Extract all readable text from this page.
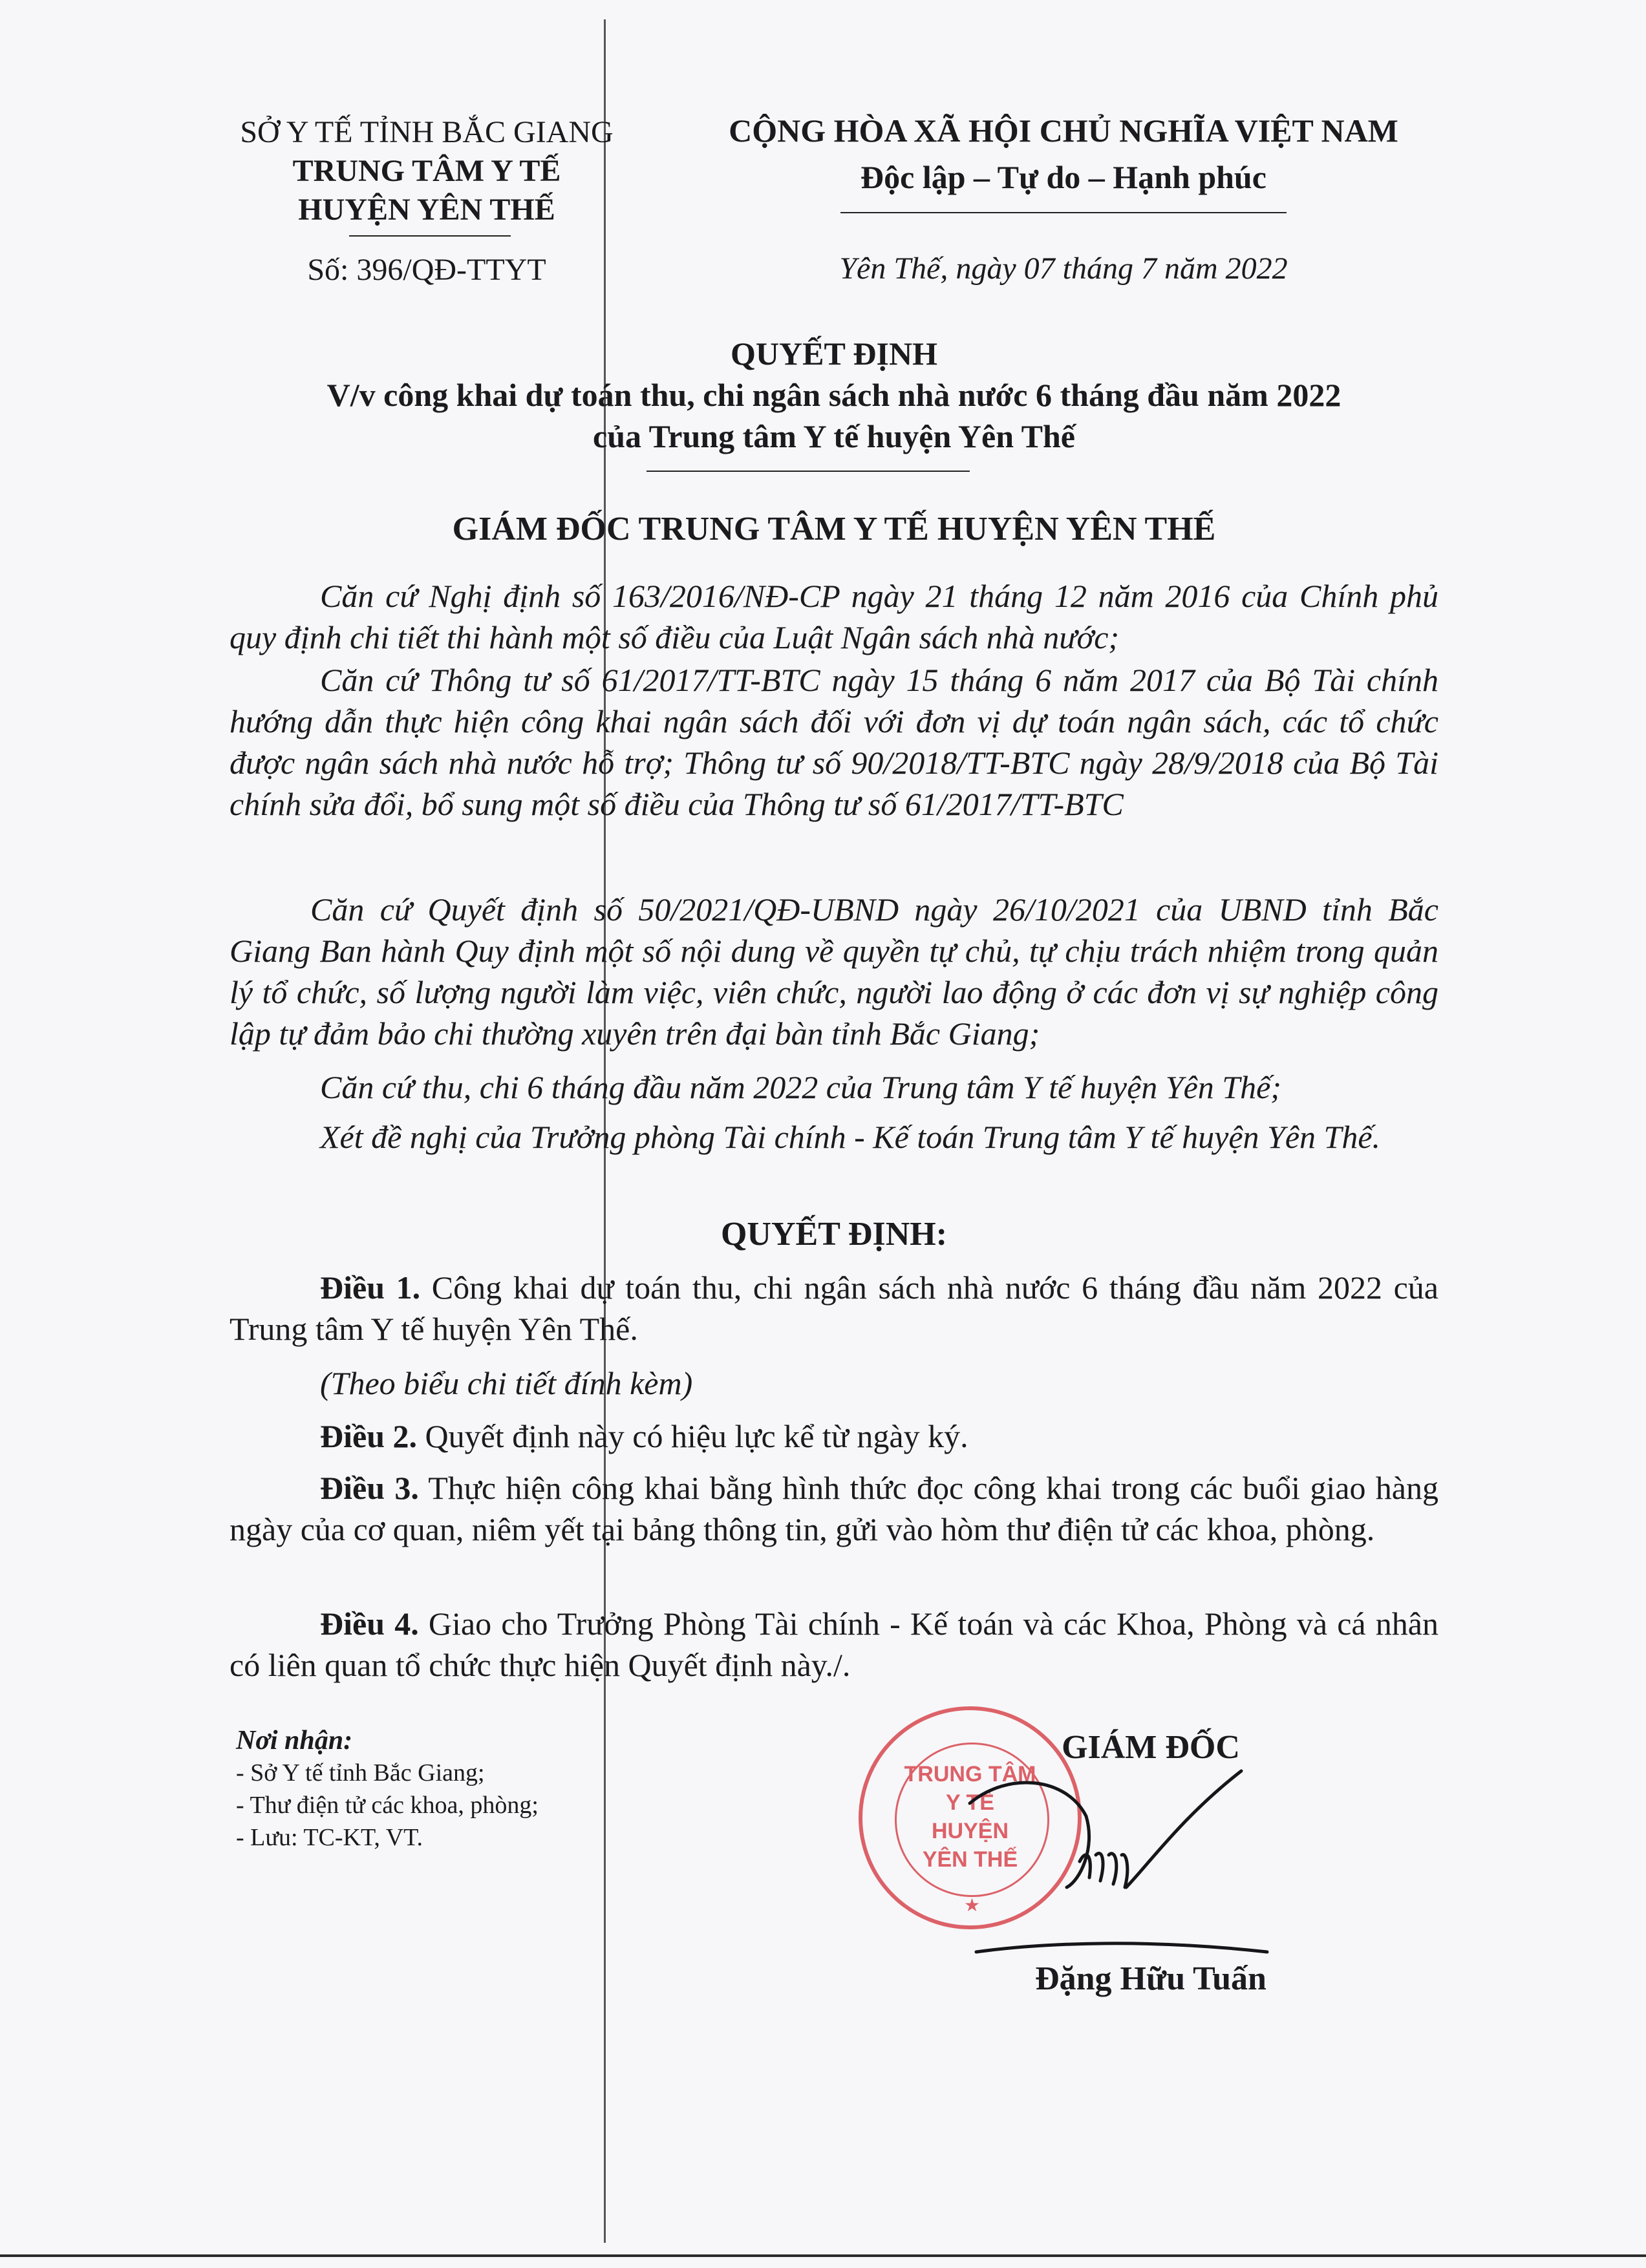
SỞ Y TẾ TỈNH BẮC GIANG
TRUNG TÂM Y TẾ
HUYỆN YÊN THẾ
Số: 396/QĐ-TTYT
CỘNG HÒA XÃ HỘI CHỦ NGHĨA VIỆT NAM
Độc lập – Tự do – Hạnh phúc
Yên Thế, ngày 07 tháng 7 năm 2022
QUYẾT ĐỊNH
V/v công khai dự toán thu, chi ngân sách nhà nước 6 tháng đầu năm 2022
của Trung tâm Y tế huyện Yên Thế
GIÁM ĐỐC TRUNG TÂM Y TẾ HUYỆN YÊN THẾ
Căn cứ Nghị định số 163/2016/NĐ-CP ngày 21 tháng 12 năm 2016 của Chính phủ quy định chi tiết thi hành một số điều của Luật Ngân sách nhà nước;
Căn cứ Thông tư số 61/2017/TT-BTC ngày 15 tháng 6 năm 2017 của Bộ Tài chính hướng dẫn thực hiện công khai ngân sách đối với đơn vị dự toán ngân sách, các tổ chức được ngân sách nhà nước hỗ trợ; Thông tư số 90/2018/TT-BTC ngày 28/9/2018 của Bộ Tài chính sửa đổi, bổ sung một số điều của Thông tư số 61/2017/TT-BTC
Căn cứ Quyết định số 50/2021/QĐ-UBND ngày 26/10/2021 của UBND tỉnh Bắc Giang Ban hành Quy định một số nội dung về quyền tự chủ, tự chịu trách nhiệm trong quản lý tổ chức, số lượng người làm việc, viên chức, người lao động ở các đơn vị sự nghiệp công lập tự đảm bảo chi thường xuyên trên đại bàn tỉnh Bắc Giang;
Căn cứ thu, chi 6 tháng đầu năm 2022 của Trung tâm Y tế huyện Yên Thế;
Xét đề nghị của Trưởng phòng Tài chính - Kế toán Trung tâm Y tế huyện Yên Thế.
QUYẾT ĐỊNH:
Điều 1. Công khai dự toán thu, chi ngân sách nhà nước 6 tháng đầu năm 2022 của Trung tâm Y tế huyện Yên Thế.
(Theo biểu chi tiết đính kèm)
Điều 2. Quyết định này có hiệu lực kể từ ngày ký.
Điều 3. Thực hiện công khai bằng hình thức đọc công khai trong các buổi giao hàng ngày của cơ quan, niêm yết tại bảng thông tin, gửi vào hòm thư điện tử các khoa, phòng.
Điều 4. Giao cho Trưởng Phòng Tài chính - Kế toán và các Khoa, Phòng và cá nhân có liên quan tổ chức thực hiện Quyết định này./.
Nơi nhận:
- Sở Y tế tỉnh Bắc Giang;
- Thư điện tử các khoa, phòng;
- Lưu: TC-KT, VT.
TRUNG TÂM
Y TẾ
HUYỆN
YÊN THẾ
★
GIÁM ĐỐC
Đặng Hữu Tuấn
